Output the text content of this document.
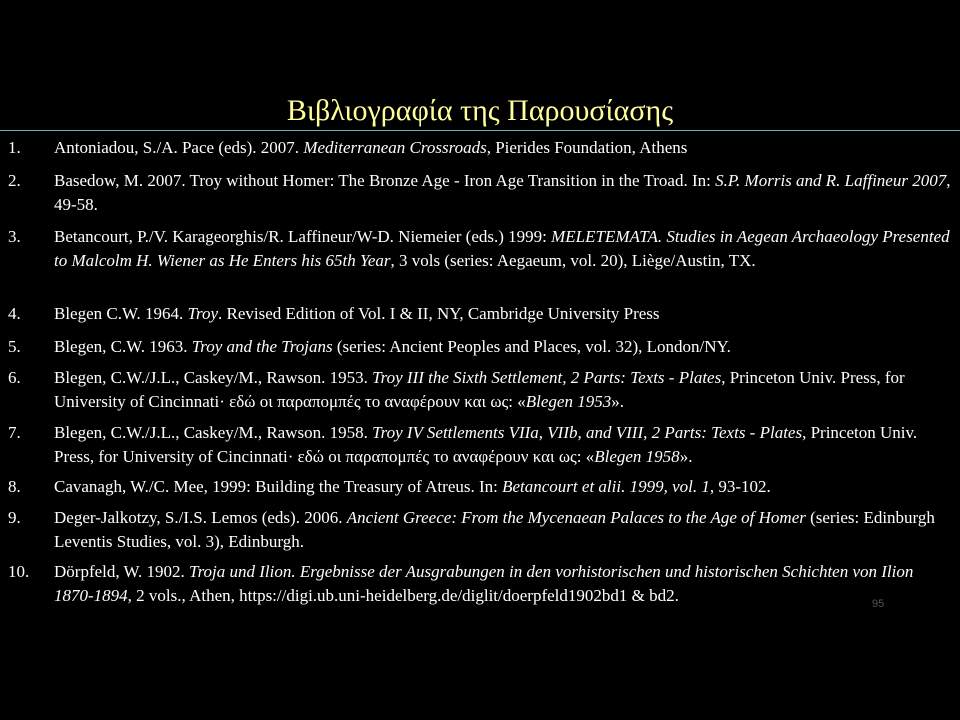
Βιβλιογραφία της Παρουσίασης
1. Antoniadou, S./A. Pace (eds). 2007. Mediterranean Crossroads, Pierides Foundation, Athens
2. Basedow, M. 2007. Troy without Homer: The Bronze Age - Iron Age Transition in the Troad. In: S.P. Morris and R. Laffineur 2007, 49-58.
3. Betancourt, P./V. Karageorghis/R. Laffineur/W-D. Niemeier (eds.) 1999: MELETEMATA. Studies in Aegean Archaeology Presented to Malcolm H. Wiener as He Enters his 65th Year, 3 vols (series: Aegaeum, vol. 20), Liège/Austin, TX.
4. Blegen C.W. 1964. Troy. Revised Edition of Vol. I & II, NY, Cambridge University Press
5. Blegen, C.W. 1963. Troy and the Trojans (series: Ancient Peoples and Places, vol. 32), London/NY.
6. Blegen, C.W./J.L., Caskey/M., Rawson. 1953. Troy III the Sixth Settlement, 2 Parts: Texts - Plates, Princeton Univ. Press, for University of Cincinnati· εδώ οι παραπομπές το αναφέρουν και ως: «Blegen 1953».
7. Blegen, C.W./J.L., Caskey/M., Rawson. 1958. Troy IV Settlements VIIa, VIIb, and VIII, 2 Parts: Texts - Plates, Princeton Univ. Press, for University of Cincinnati· εδώ οι παραπομπές το αναφέρουν και ως: «Blegen 1958».
8. Cavanagh, W./C. Mee, 1999: Building the Treasury of Atreus. In: Betancourt et alii. 1999, vol. 1, 93-102.
9. Deger-Jalkotzy, S./I.S. Lemos (eds). 2006. Ancient Greece: From the Mycenaean Palaces to the Age of Homer (series: Edinburgh Leventis Studies, vol. 3), Edinburgh.
10. Dörpfeld, W. 1902. Troja und Ilion. Ergebnisse der Ausgrabungen in den vorhistorischen und historischen Schichten von Ilion 1870-1894, 2 vols., Athen, https://digi.ub.uni-heidelberg.de/diglit/doerpfeld1902bd1 & bd2.	95
